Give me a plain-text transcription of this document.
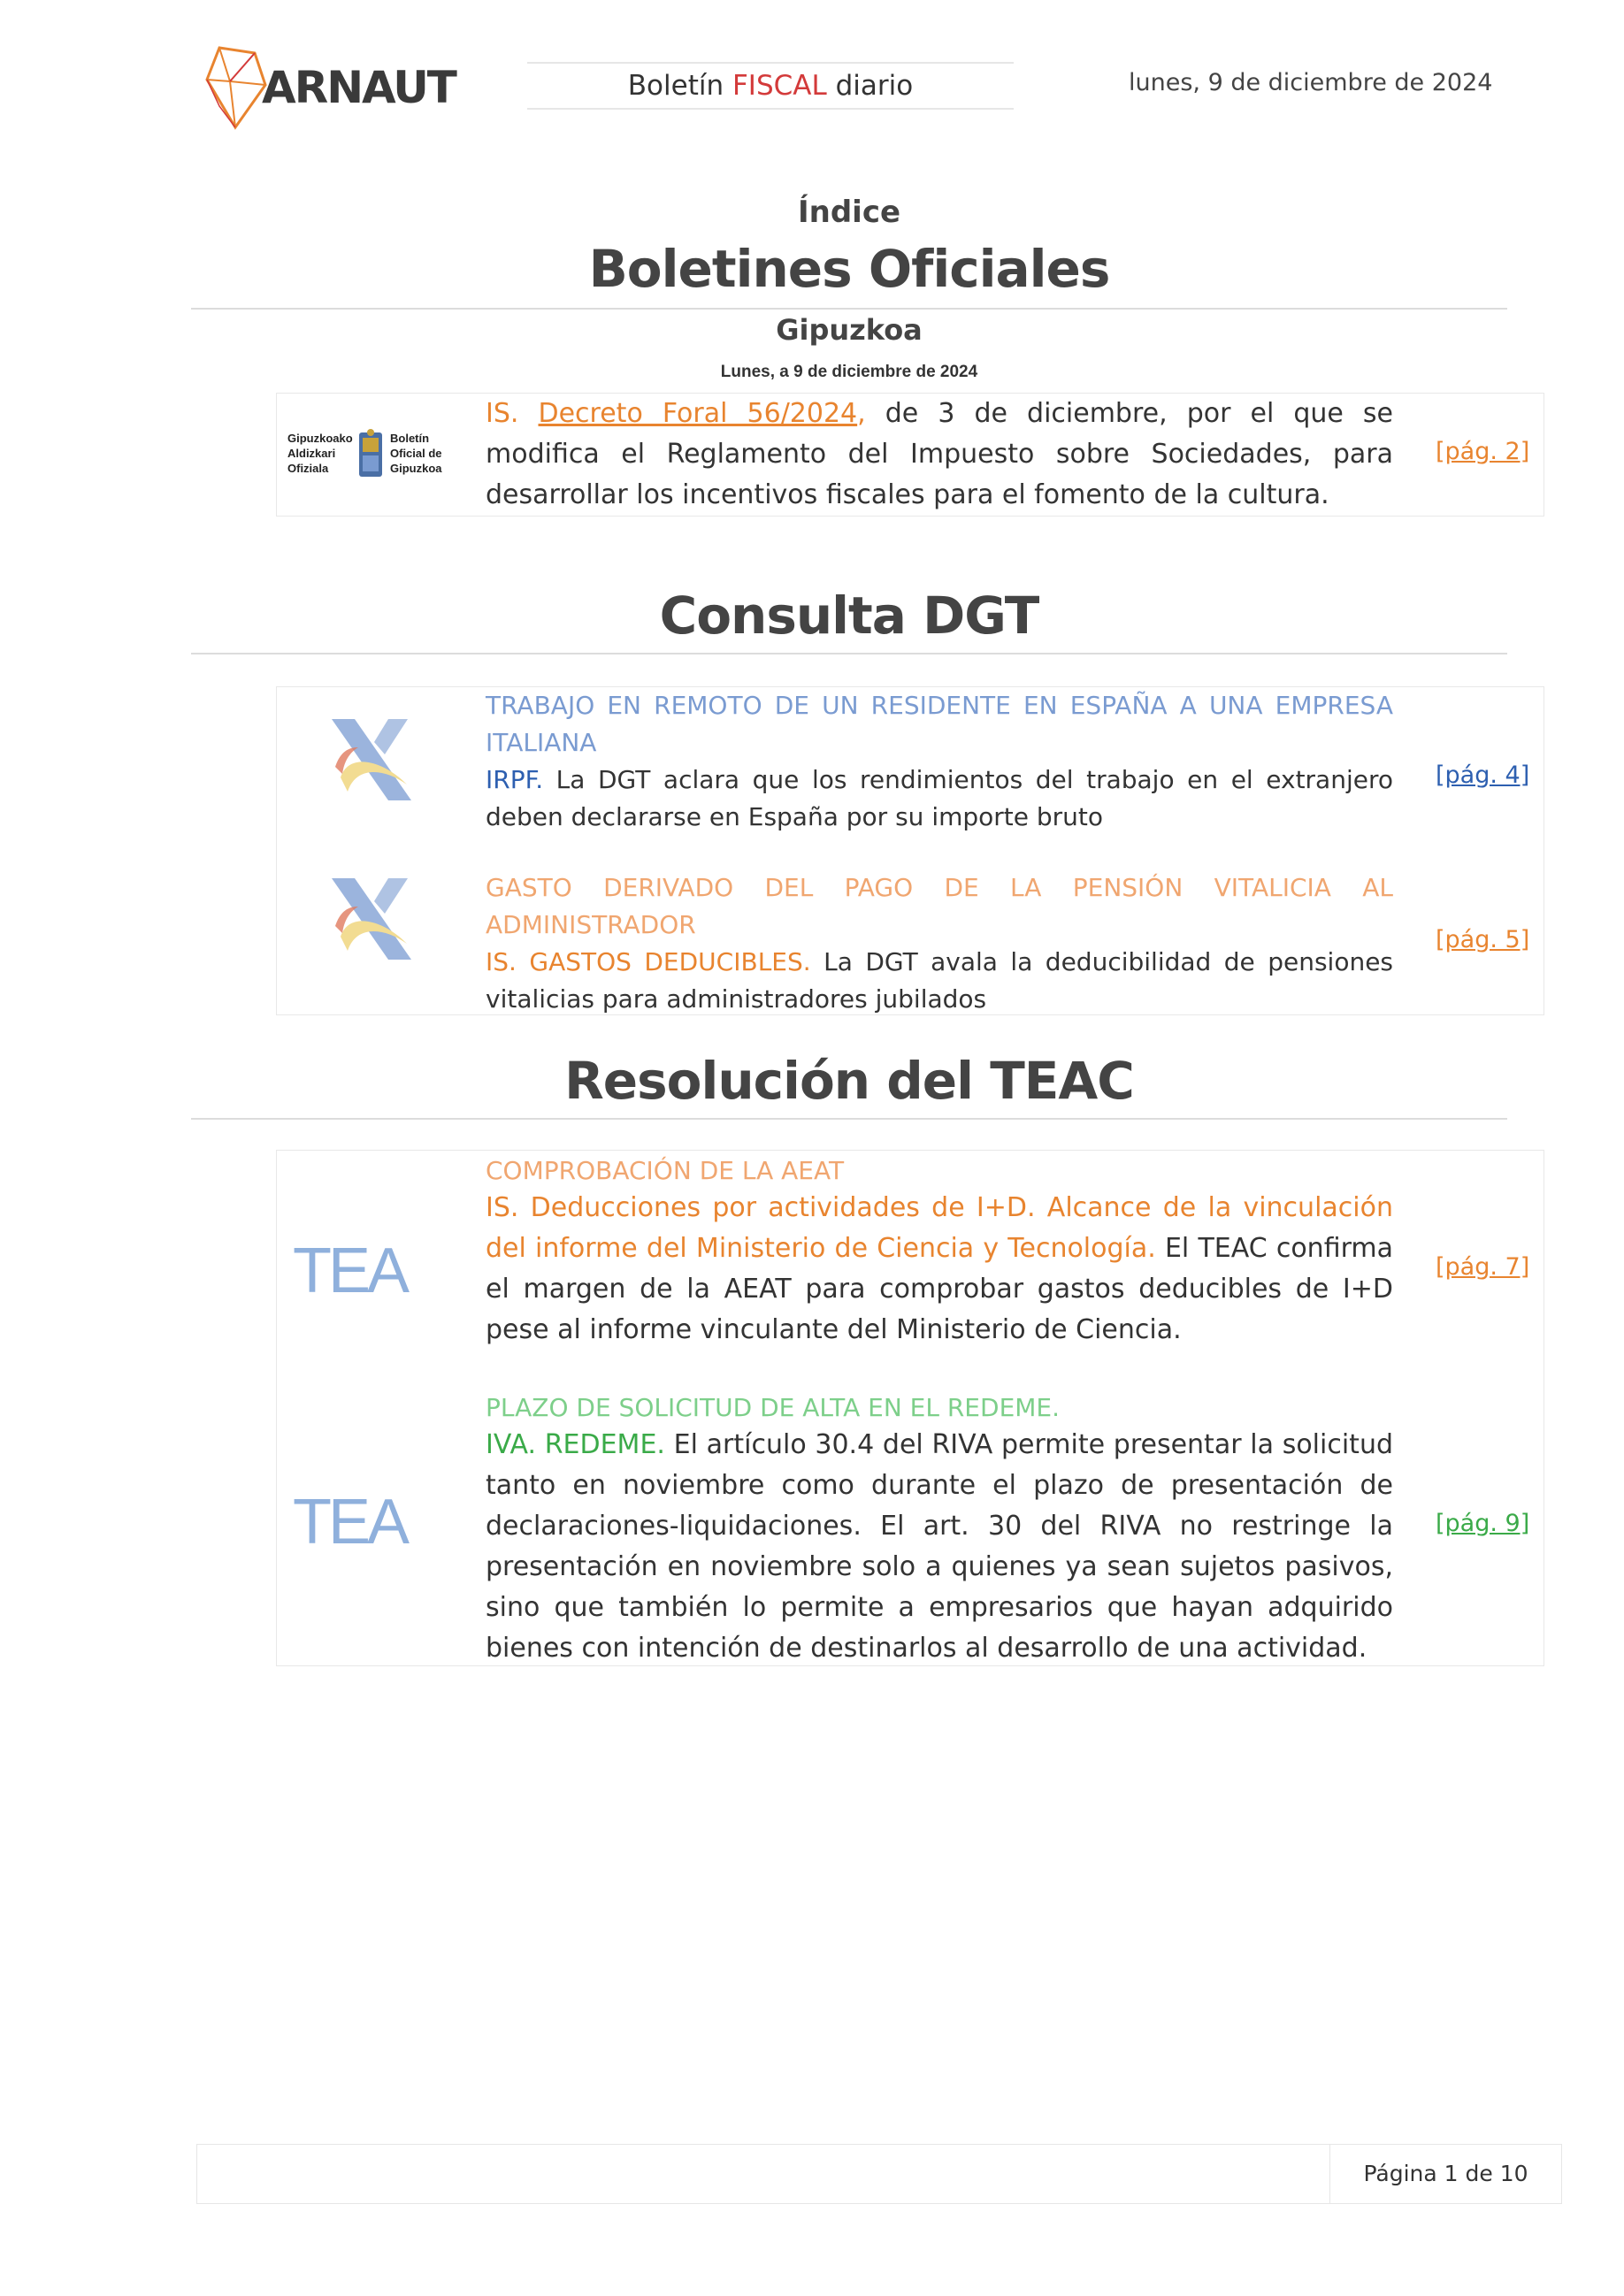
ARNAUT	Boletín FISCAL diario	lunes, 9 de diciembre de 2024
Índice
Boletines Oficiales
Gipuzkoa
Lunes, a 9 de diciembre de 2024
Gipuzkoako
Aldizkari
Ofiziala
Boletín
Oficial de
Gipuzkoa
IS. Decreto Foral 56/2024, de 3 de diciembre, por el que se modifica el Reglamento del Impuesto sobre Sociedades, para desarrollar los incentivos fiscales para el fomento de la cultura.
[pág. 2]
Consulta DGT
TRABAJO EN REMOTO DE UN RESIDENTE EN ESPAÑA A UNA EMPRESA
ITALIANA
IRPF. La DGT aclara que los rendimientos del trabajo en el extranjero deben declararse en España por su importe bruto
[pág. 4]
GASTO DERIVADO DEL PAGO DE LA PENSIÓN VITALICIA AL ADMINISTRADOR
IS. GASTOS DEDUCIBLES. La DGT avala la deducibilidad de pensiones vitalicias para administradores jubilados
[pág. 5]
Resolución del TEAC
TEA
COMPROBACIÓN DE LA AEAT
IS. Deducciones por actividades de I+D. Alcance de la vinculación del informe del Ministerio de Ciencia y Tecnología. El TEAC confirma el margen de la AEAT para comprobar gastos deducibles de I+D pese al informe vinculante del Ministerio de Ciencia.
[pág. 7]
TEA
PLAZO DE SOLICITUD DE ALTA EN EL REDEME.
IVA. REDEME. El artículo 30.4 del RIVA permite presentar la solicitud tanto en noviembre como durante el plazo de presentación de declaraciones-liquidaciones. El art. 30 del RIVA no restringe la presentación en noviembre solo a quienes ya sean sujetos pasivos, sino que también lo permite a empresarios que hayan adquirido bienes con intención de destinarlos al desarrollo de una actividad.
[pág. 9]
Página 1 de 10
